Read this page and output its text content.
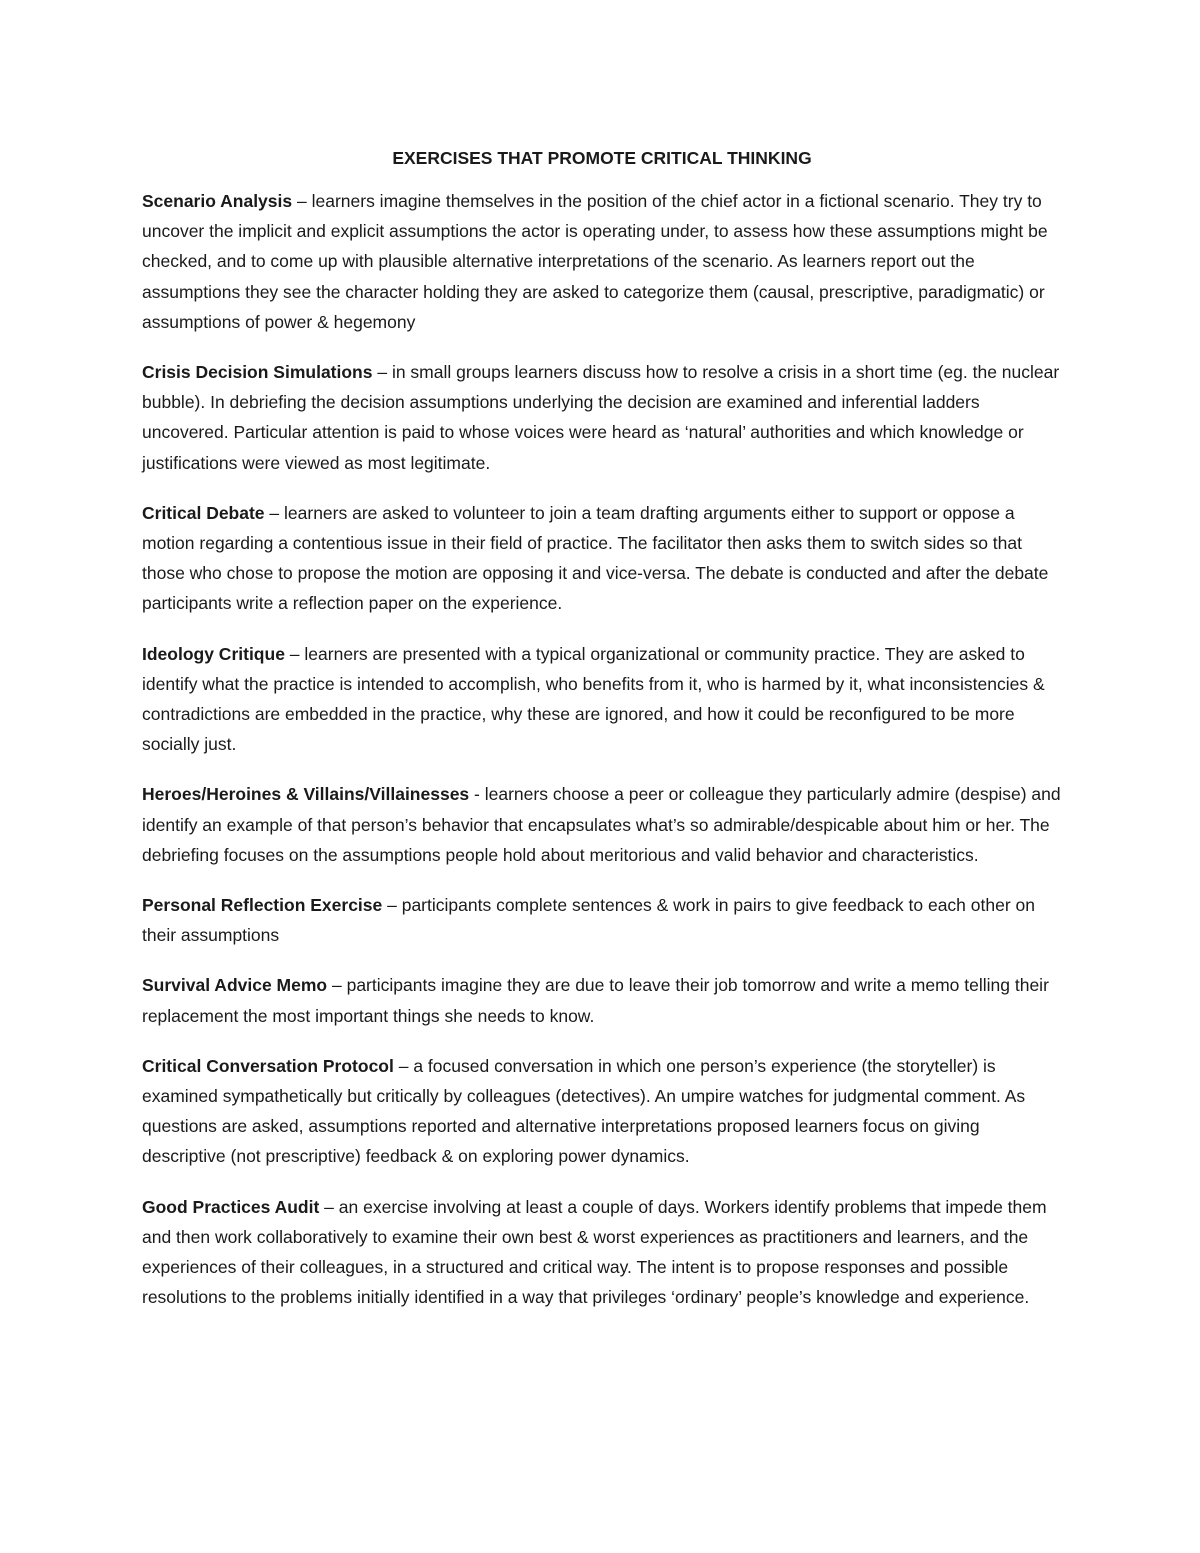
EXERCISES THAT PROMOTE CRITICAL THINKING

Scenario Analysis – learners imagine themselves in the position of the chief actor in a fictional scenario. They try to uncover the implicit and explicit assumptions the actor is operating under, to assess how these assumptions might be checked, and to come up with plausible alternative interpretations of the scenario. As learners report out the assumptions they see the character holding they are asked to categorize them (causal, prescriptive, paradigmatic) or assumptions of power & hegemony

Crisis Decision Simulations – in small groups learners discuss how to resolve a crisis in a short time (eg. the nuclear bubble). In debriefing the decision assumptions underlying the decision are examined and inferential ladders uncovered. Particular attention is paid to whose voices were heard as ‘natural’ authorities and which knowledge or justifications were viewed as most legitimate.

Critical Debate – learners are asked to volunteer to join a team drafting arguments either to support or oppose a motion regarding a contentious issue in their field of practice. The facilitator then asks them to switch sides so that those who chose to propose the motion are opposing it and vice-versa. The debate is conducted and after the debate participants write a reflection paper on the experience.

Ideology Critique – learners are presented with a typical organizational or community practice. They are asked to identify what the practice is intended to accomplish, who benefits from it, who is harmed by it, what inconsistencies & contradictions are embedded in the practice, why these are ignored, and how it could be reconfigured to be more socially just.

Heroes/Heroines & Villains/Villainesses - learners choose a peer or colleague they particularly admire (despise) and identify an example of that person’s behavior that encapsulates what’s so admirable/despicable about him or her. The debriefing focuses on the assumptions people hold about meritorious and valid behavior and characteristics.

Personal Reflection Exercise – participants complete sentences & work in pairs to give feedback to each other on their assumptions

Survival Advice Memo – participants imagine they are due to leave their job tomorrow and write a memo telling their replacement the most important things she needs to know.

Critical Conversation Protocol – a focused conversation in which one person’s experience (the storyteller) is examined sympathetically but critically by colleagues (detectives). An umpire watches for judgmental comment. As questions are asked, assumptions reported and alternative interpretations proposed learners focus on giving descriptive (not prescriptive) feedback & on exploring power dynamics.

Good Practices Audit – an exercise involving at least a couple of days. Workers identify problems that impede them and then work collaboratively to examine their own best & worst experiences as practitioners and learners, and the experiences of their colleagues, in a structured and critical way. The intent is to propose responses and possible resolutions to the problems initially identified in a way that privileges ‘ordinary’ people’s knowledge and experience.
